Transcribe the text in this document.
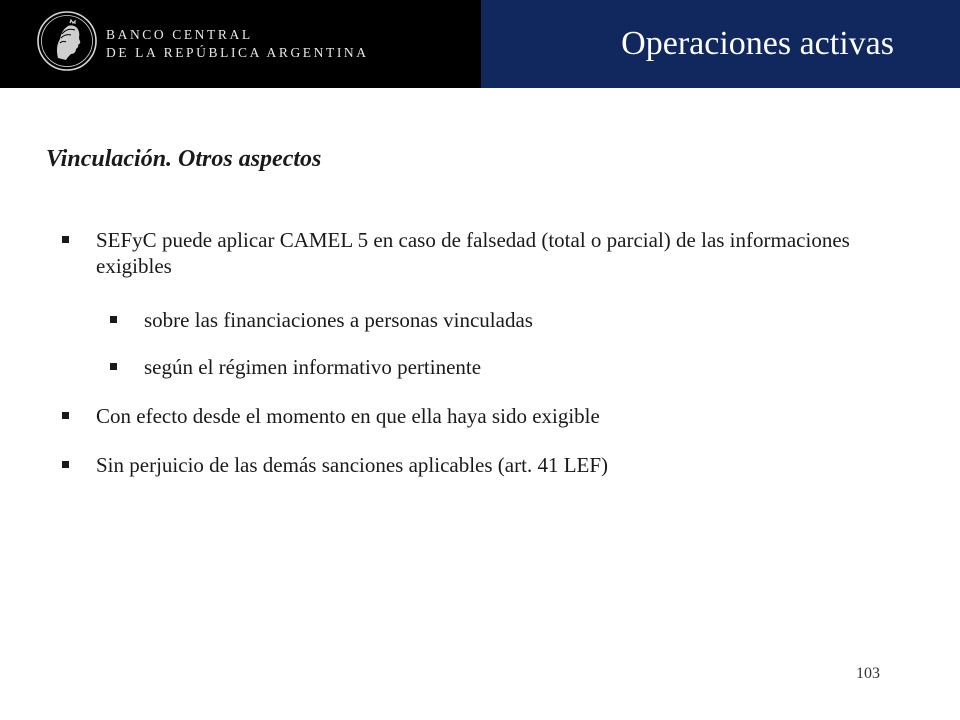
BANCO CENTRAL
DE LA REPÚBLICA ARGENTINA	Operaciones activas
Vinculación. Otros aspectos
SEFyC puede aplicar CAMEL 5 en caso de falsedad (total o parcial) de las informaciones exigibles
sobre las financiaciones a personas vinculadas
según el régimen informativo pertinente
Con efecto desde el momento en que ella haya sido exigible
Sin perjuicio de las demás sanciones aplicables (art. 41 LEF)
103
